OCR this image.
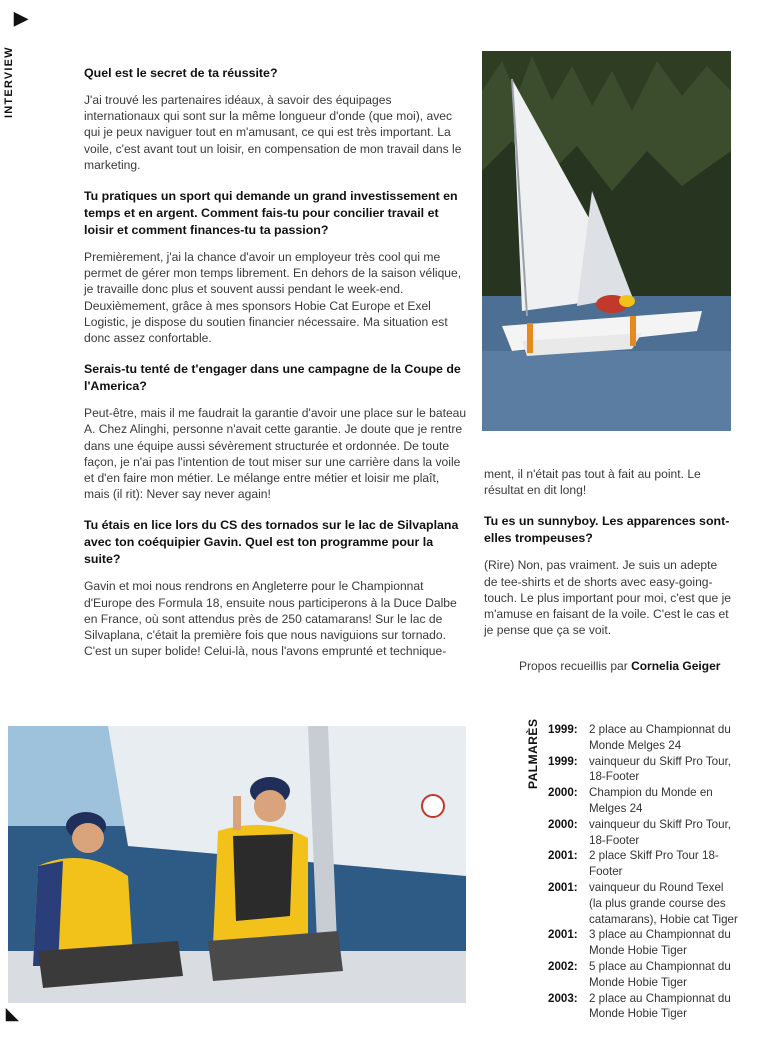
▶
INTERVIEW	Quel est le secret de ta réussite?

J'ai trouvé les partenaires idéaux, à savoir des équipages internationaux qui sont sur la même longueur d'onde (que moi), avec qui je peux naviguer tout en m'amusant, ce qui est très important. La voile, c'est avant tout un loisir, en compensation de mon travail dans le marketing.

Tu pratiques un sport qui demande un grand investissement en temps et en argent. Comment fais-tu pour concilier travail et loisir et comment finances-tu ta passion?

Premièrement, j'ai la chance d'avoir un employeur très cool qui me permet de gérer mon temps librement. En dehors de la saison vélique, je travaille donc plus et souvent aussi pendant le week-end. Deuxièmement, grâce à mes sponsors Hobie Cat Europe et Exel Logistic, je dispose du soutien financier nécessaire. Ma situation est donc assez confortable.

Serais-tu tenté de t'engager dans une campagne de la Coupe de l'America?

Peut-être, mais il me faudrait la garantie d'avoir une place sur le bateau A. Chez Alinghi, personne n'avait cette garantie. Je doute que je rentre dans une équipe aussi sévèrement structurée et ordonnée. De toute façon, je n'ai pas l'intention de tout miser sur une carrière dans la voile et d'en faire mon métier. Le mélange entre métier et loisir me plaît, mais (il rit): Never say never again!

Tu étais en lice lors du CS des tornados sur le lac de Silvaplana avec ton coéquipier Gavin. Quel est ton programme pour la suite?

Gavin et moi nous rendrons en Angleterre pour le Championnat d'Europe des Formula 18, ensuite nous participerons à la Duce Dalbe en France, où sont attendus près de 250 catamarans! Sur le lac de Silvaplana, c'était la première fois que nous naviguions sur tornado. C'est un super bolide! Celui-là, nous l'avons emprunté et technique-

ment, il n'était pas tout à fait au point. Le résultat en dit long!

Tu es un sunnyboy. Les apparences sont-elles trompeuses?

(Rire) Non, pas vraiment. Je suis un adepte de tee-shirts et de shorts avec easy-going-touch. Le plus important pour moi, c'est que je m'amuse en faisant de la voile. C'est le cas et je pense que ça se voit.

Propos recueillis par Cornelia Geiger
◣
PALMARÈS 1999: 2 place au Championnat du Monde Melges 24
1999: vainqueur du Skiff Pro Tour, 18-Footer
2000: Champion du Monde en Melges 24
2000: vainqueur du Skiff Pro Tour, 18-Footer
2001: 2 place Skiff Pro Tour 18-Footer
2001: vainqueur du Round Texel (la plus grande course des catamarans), Hobie cat Tiger
2001: 3 place au Championnat du Monde Hobie Tiger
2002: 5 place au Championnat du Monde Hobie Tiger
2003: 2 place au Championnat du Monde Hobie Tiger
